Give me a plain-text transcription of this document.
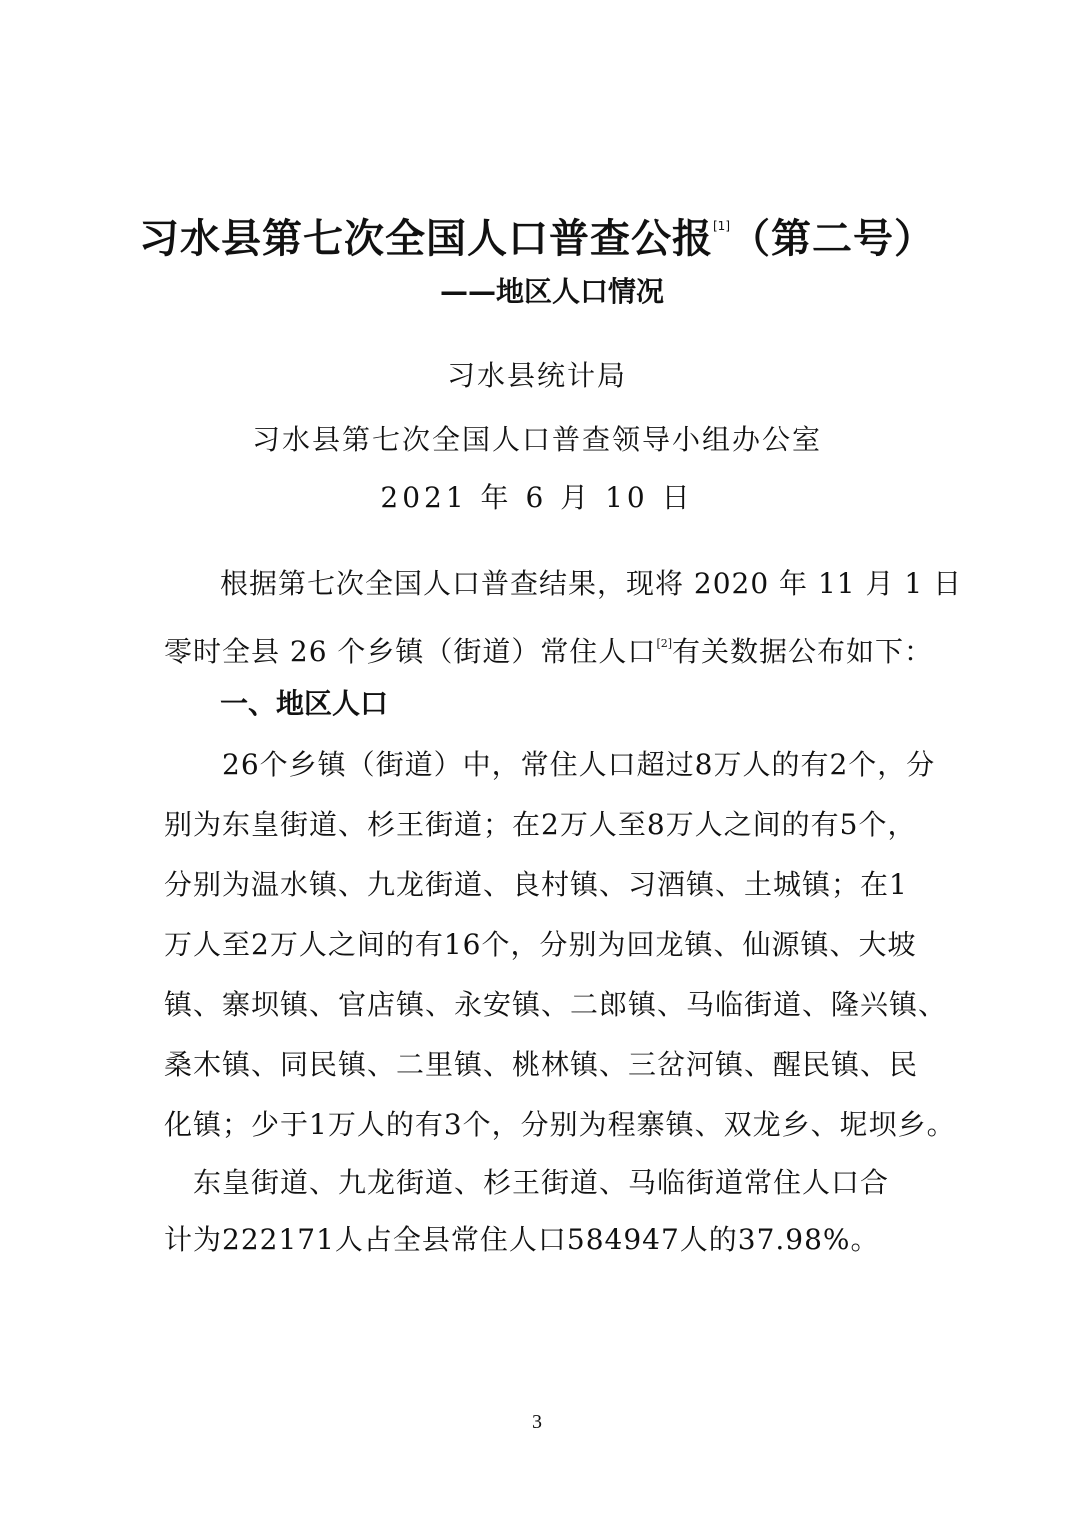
习水县第七次全国人口普查公报[1]（第二号）
——地区人口情况
习水县统计局
习水县第七次全国人口普查领导小组办公室
2021 年 6 月 10 日
根据第七次全国人口普查结果，现将 2020 年 11 月 1 日
零时全县 26 个乡镇（街道）常住人口[2]有关数据公布如下：
一、地区人口
　　26个乡镇（街道）中，常住人口超过8万人的有2个，分
别为东皇街道、杉王街道；在2万人至8万人之间的有5个，
分别为温水镇、九龙街道、良村镇、习酒镇、土城镇；在1
万人至2万人之间的有16个，分别为回龙镇、仙源镇、大坡
镇、寨坝镇、官店镇、永安镇、二郎镇、马临街道、隆兴镇、
桑木镇、同民镇、二里镇、桃林镇、三岔河镇、醒民镇、民
化镇；少于1万人的有3个，分别为程寨镇、双龙乡、坭坝乡。
　东皇街道、九龙街道、杉王街道、马临街道常住人口合
计为222171人占全县常住人口584947人的37.98%。
3
